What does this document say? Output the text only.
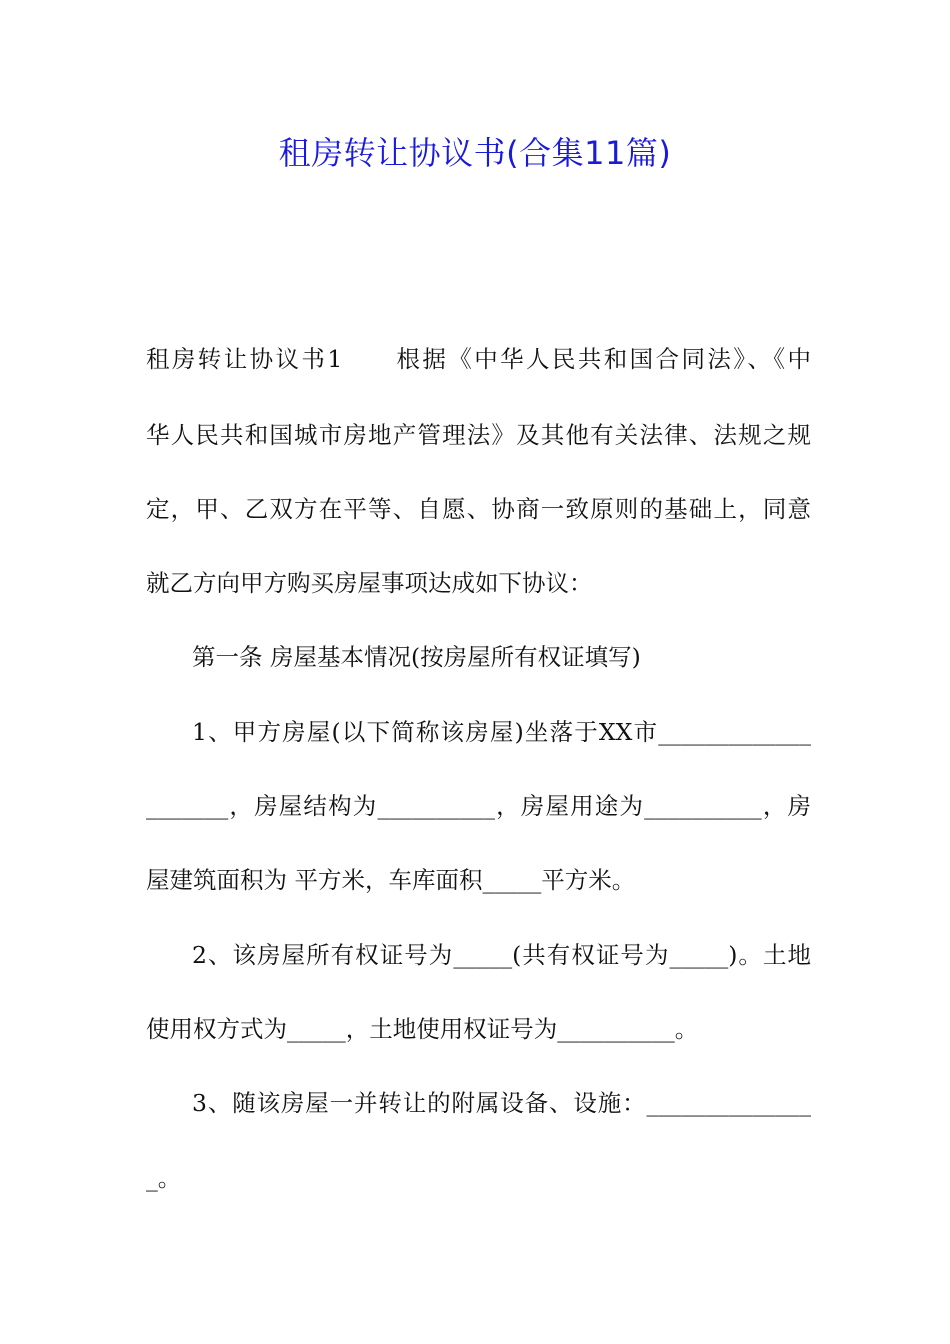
租房转让协议书(合集11篇)
租房转让协议书1　　根据《中华人民共和国合同法》、《中
华人民共和国城市房地产管理法》及其他有关法律、法规之规
定，甲、乙双方在平等、自愿、协商一致原则的基础上，同意
就乙方向甲方购买房屋事项达成如下协议：
第一条 房屋基本情况(按房屋所有权证填写)
1、甲方房屋(以下简称该房屋)坐落于XX市_____________
_______，房屋结构为__________，房屋用途为__________，房
屋建筑面积为 平方米，车库面积_____平方米。
2、该房屋所有权证号为_____(共有权证号为_____)。土地
使用权方式为_____，土地使用权证号为__________。
3、随该房屋一并转让的附属设备、设施：______________
_。
